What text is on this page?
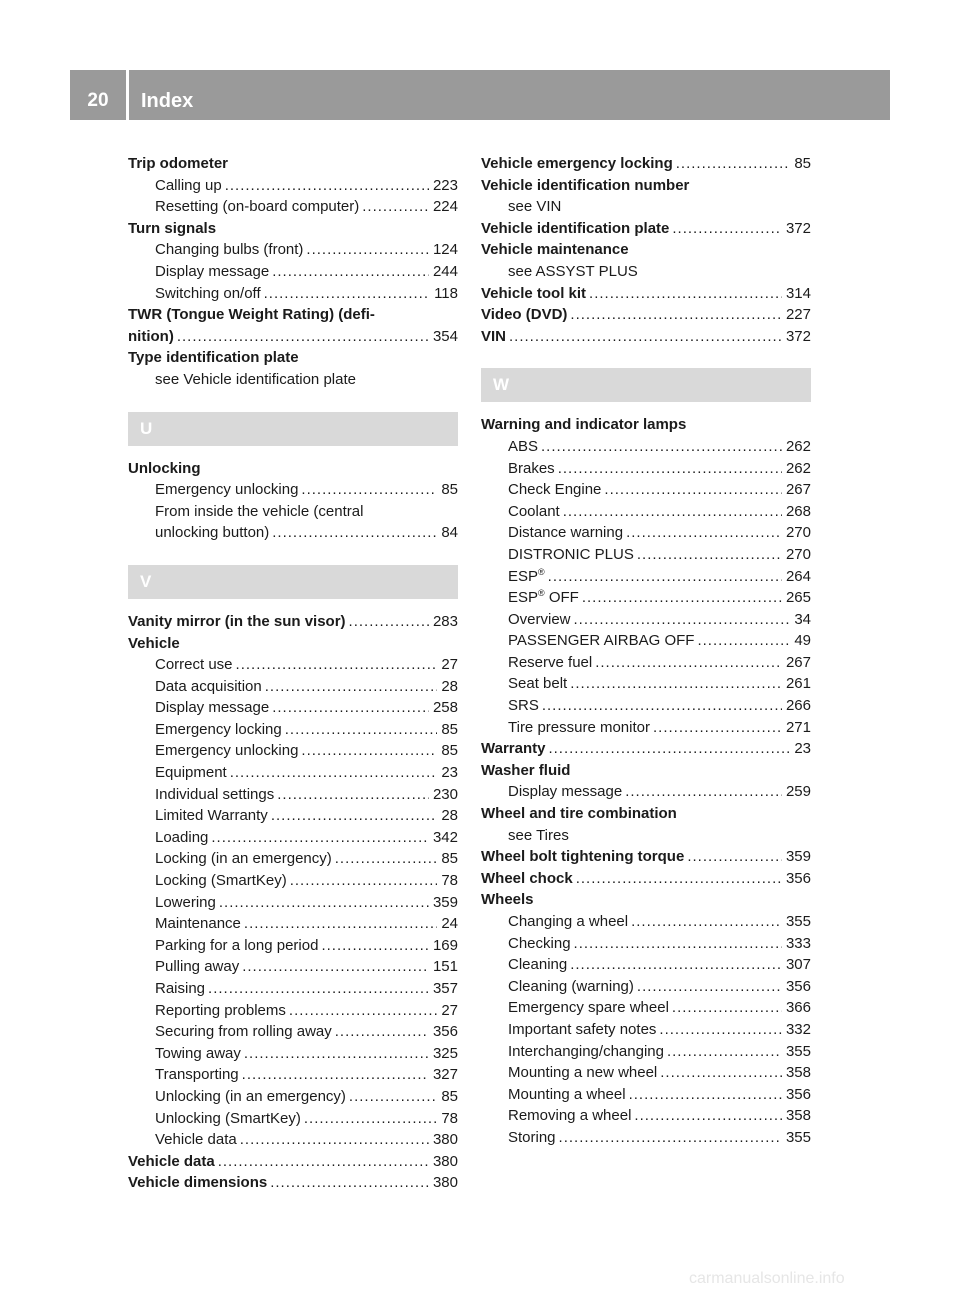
20	Index
Trip odometer
Calling up .....	223
Resetting (on-board computer) .....	224
Turn signals
Changing bulbs (front) .....	124
Display message .....	244
Switching on/off .....	118
TWR (Tongue Weight Rating) (defi-
nition) .....	354
Type identification plate
see Vehicle identification plate
U
Unlocking
Emergency unlocking .....	85
From inside the vehicle (central
unlocking button) .....	84
V
Vanity mirror (in the sun visor) .....	283
Vehicle
Correct use .....	27
Data acquisition .....	28
Display message .....	258
Emergency locking .....	85
Emergency unlocking .....	85
Equipment .....	23
Individual settings .....	230
Limited Warranty .....	28
Loading .....	342
Locking (in an emergency) .....	85
Locking (SmartKey) .....	78
Lowering .....	359
Maintenance .....	24
Parking for a long period .....	169
Pulling away .....	151
Raising .....	357
Reporting problems .....	27
Securing from rolling away .....	356
Towing away .....	325
Transporting .....	327
Unlocking (in an emergency) .....	85
Unlocking (SmartKey) .....	78
Vehicle data .....	380
Vehicle data .....	380
Vehicle dimensions .....	380
Vehicle emergency locking .....	85
Vehicle identification number
see VIN
Vehicle identification plate .....	372
Vehicle maintenance
see ASSYST PLUS
Vehicle tool kit .....	314
Video (DVD) .....	227
VIN .....	372
W
Warning and indicator lamps
ABS .....	262
Brakes .....	262
Check Engine .....	267
Coolant .....	268
Distance warning .....	270
DISTRONIC PLUS .....	270
ESP® .....	264
ESP® OFF .....	265
Overview .....	34
PASSENGER AIRBAG OFF .....	49
Reserve fuel .....	267
Seat belt .....	261
SRS .....	266
Tire pressure monitor .....	271
Warranty .....	23
Washer fluid
Display message .....	259
Wheel and tire combination
see Tires
Wheel bolt tightening torque .....	359
Wheel chock .....	356
Wheels
Changing a wheel .....	355
Checking .....	333
Cleaning .....	307
Cleaning (warning) .....	356
Emergency spare wheel .....	366
Important safety notes .....	332
Interchanging/changing .....	355
Mounting a new wheel .....	358
Mounting a wheel .....	356
Removing a wheel .....	358
Storing .....	355
carmanualsonline.info
